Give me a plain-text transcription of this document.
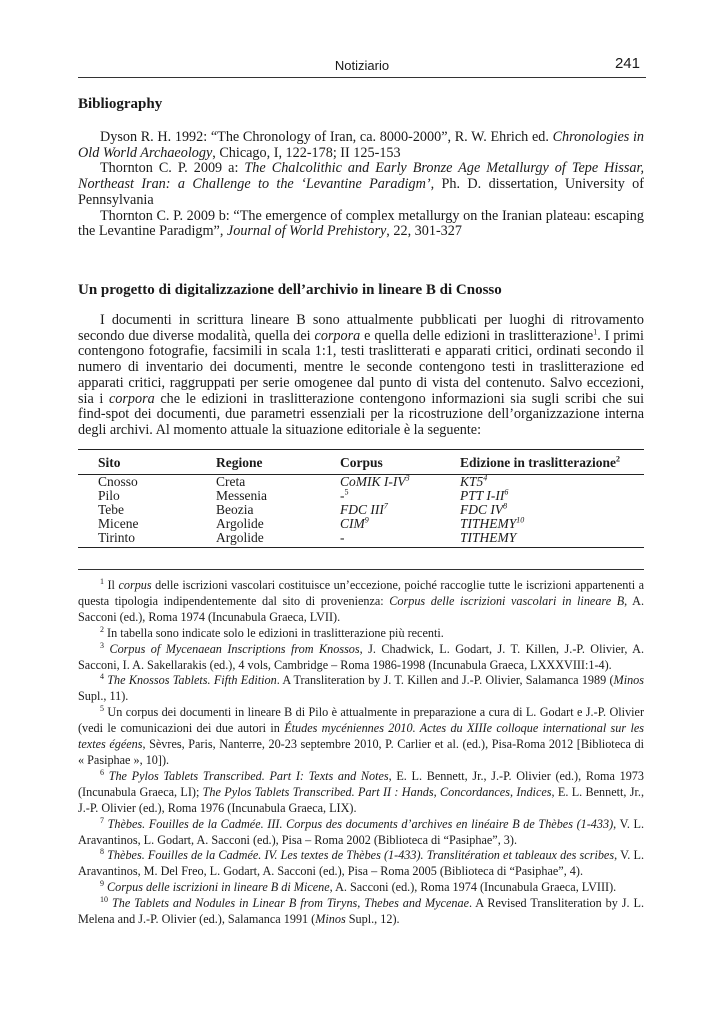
Notiziario	241
Bibliography

Dyson R. H. 1992: “The Chronology of Iran, ca. 8000-2000”, R. W. Ehrich ed. Chronologies in Old World Archaeology, Chicago, I, 122-178; II 125-153

Thornton C. P. 2009 a: The Chalcolithic and Early Bronze Age Metallurgy of Tepe Hissar, Northeast Iran: a Challenge to the ‘Levantine Paradigm’, Ph. D. dissertation, University of Pennsylvania

Thornton C. P. 2009 b: “The emergence of complex metallurgy on the Iranian plateau: escaping the Levantine Paradigm”, Journal of World Prehistory, 22, 301-327

Un progetto di digitalizzazione dell’archivio in lineare B di Cnosso

I documenti in scrittura lineare B sono attualmente pubblicati per luoghi di ritrovamento secondo due diverse modalità, quella dei corpora e quella delle edizioni in traslitterazione$^1$. I primi contengono fotografie, facsimili in scala 1:1, testi traslitterati e apparati critici, ordinati secondo il numero di inventario dei documenti, mentre le seconde contengono testi in traslitterazione ed apparati critici, raggruppati per serie omogenee dal punto di vista del contenuto. Salvo eccezioni, sia i corpora che le edizioni in traslitterazione contengono informazioni sia sugli scribi che sui find-spot dei documenti, due parametri essenziali per la ricostruzione dell’organizzazione interna degli archivi. Al momento attuale la situazione editoriale è la seguente:

Sito	Regione	Corpus	Edizione in traslitterazione$^2$
Cnosso	Creta	CoMIK $I-IV^3$	$KT5^4$
Pilo	Messenia	-$^5$	PTT $I-II^6$
Tebe	Beozia	FDC III$^7$	FDC $IV^8$
Micene	Argolide	CIM$^9$	TITHEMY$^{10}$
Tirinto	Argolide	-	TITHEMY

$^1$ Il corpus delle iscrizioni vascolari costituisce un’eccezione, poiché raccoglie tutte le iscrizioni appartenenti a questa tipologia indipendentemente dal sito di provenienza: Corpus delle iscrizioni vascolari in lineare B, A. Sacconi (ed.), Roma 1974 (Incunabula Graeca, LVII).

$^2$ In tabella sono indicate solo le edizioni in traslitterazione più recenti.

$^3$ Corpus of Mycenaean Inscriptions from Knossos, J. Chadwick, L. Godart, J. T. Killen, J.-P. Olivier, A. Sacconi, I. A. Sakellarakis (ed.), 4 vols, Cambridge – Roma 1986-1998 (Incunabula Graeca, LXXXVIII:1-4).

$^4$ The Knossos Tablets. Fifth Edition. A Transliteration by J. T. Killen and J.-P. Olivier, Salamanca 1989 (Minos Supl., 11).

$^5$ Un corpus dei documenti in lineare B di Pilo è attualmente in preparazione a cura di L. Godart e J.-P. Olivier (vedi le comunicazioni dei due autori in Études mycéniennes 2010. Actes du XIIIe colloque international sur les textes égéens, Sèvres, Paris, Nanterre, 20-23 septembre 2010, P. Carlier et al. (ed.), Pisa-Roma 2012 [Biblioteca di « Pasiphae », 10]).

$^6$ The Pylos Tablets Transcribed. Part I: Texts and Notes, E. L. Bennett, Jr., J.-P. Olivier (ed.), Roma 1973 (Incunabula Graeca, LI); The Pylos Tablets Transcribed. Part II : Hands, Concordances, Indices, E. L. Bennett, Jr., J.-P. Olivier (ed.), Roma 1976 (Incunabula Graeca, LIX).

$^7$ Thèbes. Fouilles de la Cadmée. III. Corpus des documents d’archives en linéaire B de Thèbes (1-433), V. L. Aravantinos, L. Godart, A. Sacconi (ed.), Pisa – Roma 2002 (Biblioteca di “Pasiphae”, 3).

$^8$ Thèbes. Fouilles de la Cadmée. IV. Les textes de Thèbes (1-433). Translitération et tableaux des scribes, V. L. Aravantinos, M. Del Freo, L. Godart, A. Sacconi (ed.), Pisa – Roma 2005 (Biblioteca di “Pasiphae”, 4).

$^9$ Corpus delle iscrizioni in lineare B di Micene, A. Sacconi (ed.), Roma 1974 (Incunabula Graeca, LVIII).

$^{10}$ The Tablets and Nodules in Linear B from Tiryns, Thebes and Mycenae. A Revised Transliteration by J. L. Melena and J.-P. Olivier (ed.), Salamanca 1991 (Minos Supl., 12).
